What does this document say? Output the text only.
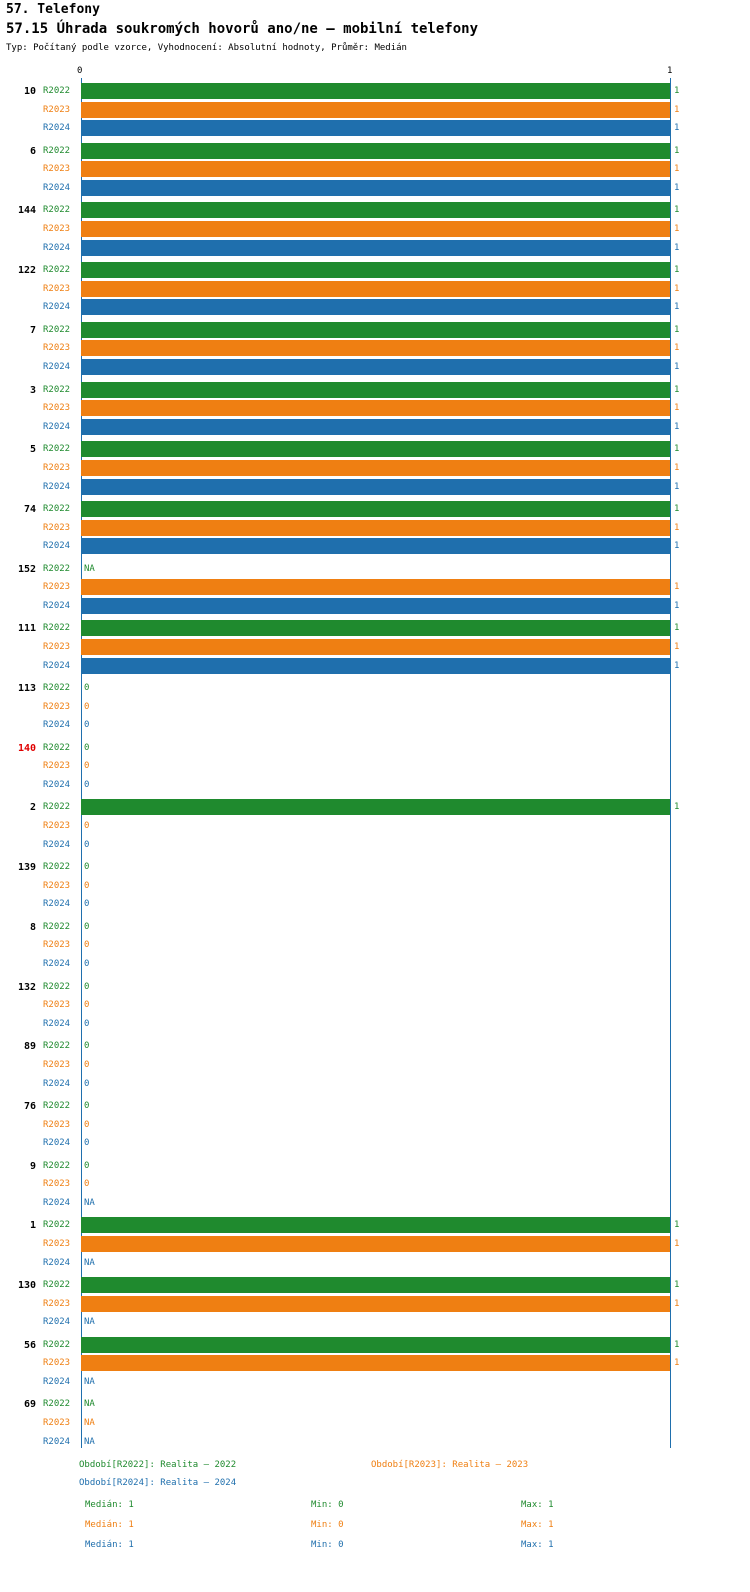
57. Telefony
57.15 Úhrada soukromých hovorů ano/ne – mobilní telefony
Typ: Počítaný podle vzorce, Vyhodnocení: Absolutní hodnoty, Průměr: Medián
0	1
10 R2022	1
R2023	1
R2024	1
6 R2022	1
R2023	1
R2024	1
144 R2022	1
R2023	1
R2024	1
122 R2022	1
R2023	1
R2024	1
7 R2022	1
R2023	1
R2024	1
3 R2022	1
R2023	1
R2024	1
5 R2022	1
R2023	1
R2024	1
74 R2022	1
R2023	1
R2024	1
152 R2022 NA
R2023	1
R2024	1
111 R2022	1
R2023	1
R2024	1
113 R2022 0
R2023 0
R2024 0
140 R2022 0
R2023 0
R2024 0
2 R2022	1
R2023 0
R2024 0
139 R2022 0
R2023 0
R2024 0
8 R2022 0
R2023 0
R2024 0
132 R2022 0
R2023 0
R2024 0
89 R2022 0
R2023 0
R2024 0
76 R2022 0
R2023 0
R2024 0
9 R2022 0
R2023 0
R2024 NA
1 R2022	1
R2023	1
R2024 NA
130 R2022	1
R2023	1
R2024 NA
56 R2022	1
R2023	1
R2024 NA
69 R2022 NA
R2023 NA
R2024 NA
Období[R2022]: Realita – 2022	Období[R2023]: Realita – 2023
Období[R2024]: Realita – 2024
Medián: 1	Min: 0	Max: 1
Medián: 1	Min: 0	Max: 1
Medián: 1	Min: 0	Max: 1
